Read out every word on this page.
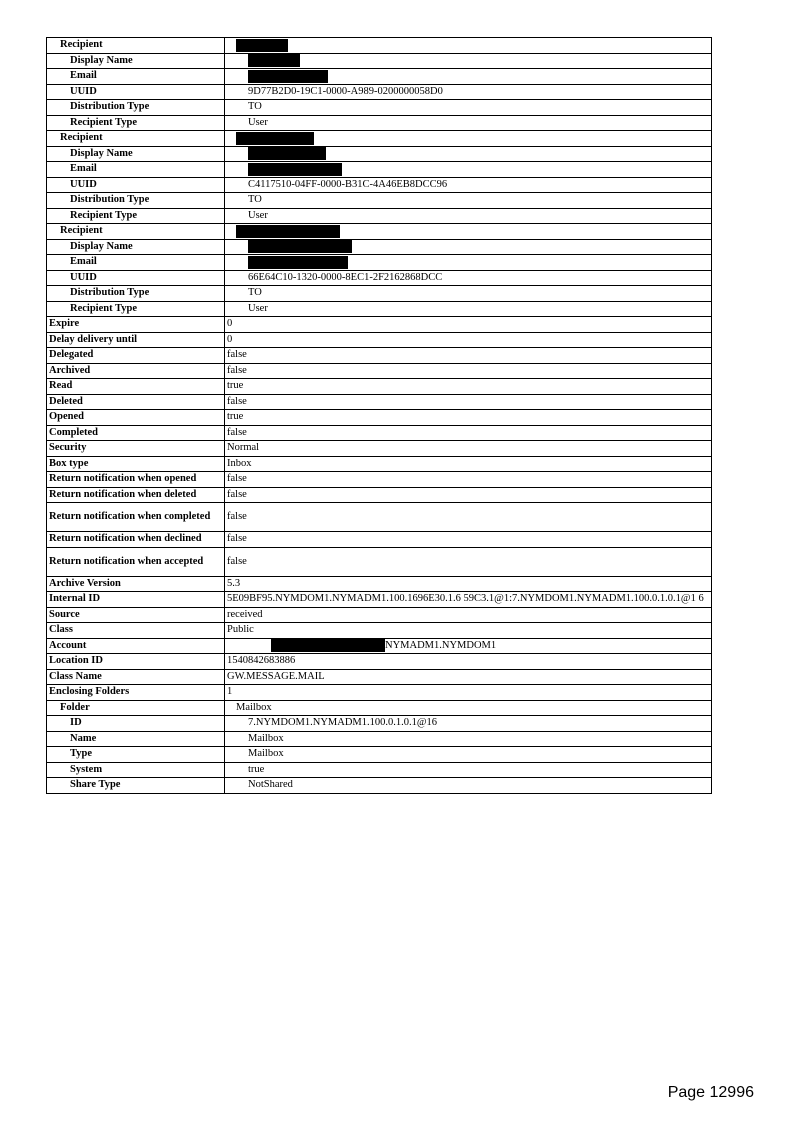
Recipient	
Display Name	
Email	
UUID	9D77B2D0-19C1-0000-A989-0200000058D0
Distribution Type	TO
Recipient Type	User
Recipient	
Display Name	
Email	
UUID	C4117510-04FF-0000-B31C-4A46EB8DCC96
Distribution Type	TO
Recipient Type	User
Recipient	
Display Name	
Email	
UUID	66E64C10-1320-0000-8EC1-2F2162868DCC
Distribution Type	TO
Recipient Type	User
Expire	0
Delay delivery until	0
Delegated	false
Archived	false
Read	true
Deleted	false
Opened	true
Completed	false
Security	Normal
Box type	Inbox
Return notification when opened	false
Return notification when deleted	false
Return notification when completed	false
Return notification when declined	false
Return notification when accepted	false
Archive Version	5.3
Internal ID	5E09BF95.NYMDOM1.NYMADM1.100.1696E30.1.6 59C3.1@1:7.NYMDOM1.NYMADM1.100.0.1.0.1@1 6
Source	received
Class	Public
Account	NYMADM1.NYMDOM1
Location ID	1540842683886
Class Name	GW.MESSAGE.MAIL
Enclosing Folders	1
Folder	Mailbox
ID	7.NYMDOM1.NYMADM1.100.0.1.0.1@16
Name	Mailbox
Type	Mailbox
System	true
Share Type	NotShared
Page 12996
